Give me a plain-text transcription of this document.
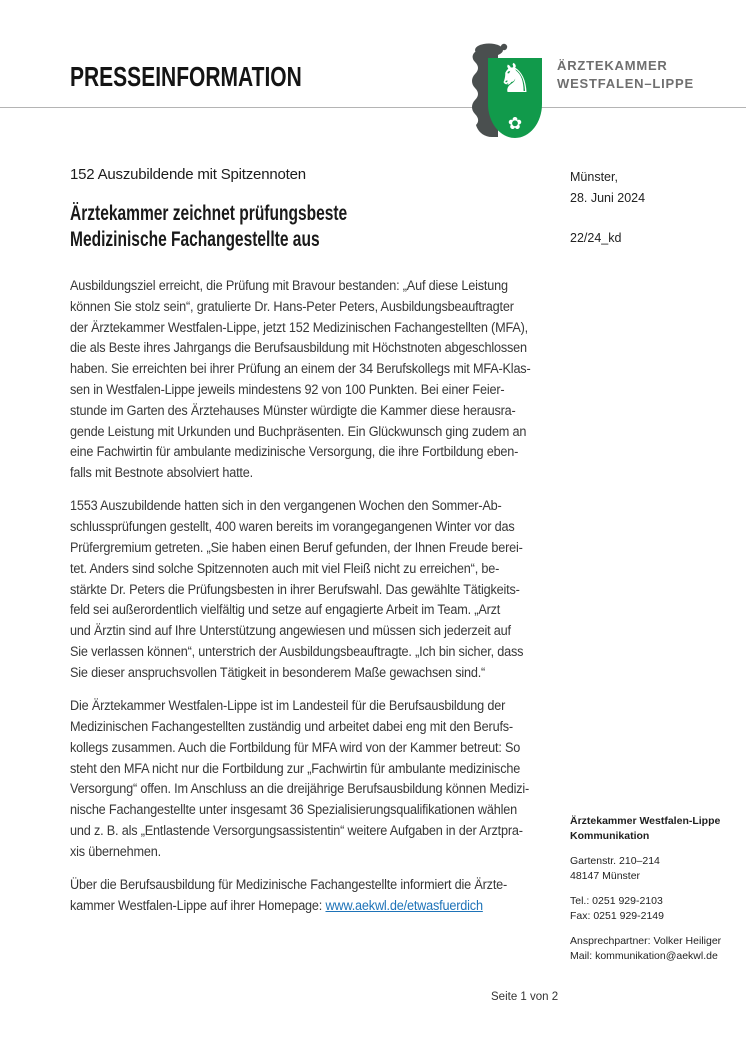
PRESSEINFORMATION	♞
✿
ÄRZTEKAMMER
WESTFALEN–LIPPE
152 Auszubildende mit Spitzennoten
Ärztekammer zeichnet prüfungsbeste
Medizinische Fachangestellte aus
Münster,
28. Juni 2024
22/24_kd
Ausbildungsziel erreicht, die Prüfung mit Bravour bestanden: „Auf diese Leistung
können Sie stolz sein“, gratulierte Dr. Hans-Peter Peters, Ausbildungsbeauftragter
der Ärztekammer Westfalen-Lippe, jetzt 152 Medizinischen Fachangestellten (MFA),
die als Beste ihres Jahrgangs die Berufsausbildung mit Höchstnoten abgeschlossen
haben. Sie erreichten bei ihrer Prüfung an einem der 34 Berufskollegs mit MFA-Klas-
sen in Westfalen-Lippe jeweils mindestens 92 von 100 Punkten. Bei einer Feier-
stunde im Garten des Ärztehauses Münster würdigte die Kammer diese herausra-
gende Leistung mit Urkunden und Buchpräsenten. Ein Glückwunsch ging zudem an
eine Fachwirtin für ambulante medizinische Versorgung, die ihre Fortbildung eben-
falls mit Bestnote absolviert hatte.
1553 Auszubildende hatten sich in den vergangenen Wochen den Sommer-Ab-
schlussprüfungen gestellt, 400 waren bereits im vorangegangenen Winter vor das
Prüfergremium getreten. „Sie haben einen Beruf gefunden, der Ihnen Freude berei-
tet. Anders sind solche Spitzennoten auch mit viel Fleiß nicht zu erreichen“, be-
stärkte Dr. Peters die Prüfungsbesten in ihrer Berufswahl. Das gewählte Tätigkeits-
feld sei außerordentlich vielfältig und setze auf engagierte Arbeit im Team. „Arzt
und Ärztin sind auf Ihre Unterstützung angewiesen und müssen sich jederzeit auf
Sie verlassen können“, unterstrich der Ausbildungsbeauftragte. „Ich bin sicher, dass
Sie dieser anspruchsvollen Tätigkeit in besonderem Maße gewachsen sind.“
Die Ärztekammer Westfalen-Lippe ist im Landesteil für die Berufsausbildung der
Medizinischen Fachangestellten zuständig und arbeitet dabei eng mit den Berufs-
kollegs zusammen. Auch die Fortbildung für MFA wird von der Kammer betreut: So
steht den MFA nicht nur die Fortbildung zur „Fachwirtin für ambulante medizinische
Versorgung“ offen. Im Anschluss an die dreijährige Berufsausbildung können Medizi-
nische Fachangestellte unter insgesamt 36 Spezialisierungsqualifikationen wählen
und z. B. als „Entlastende Versorgungsassistentin“ weitere Aufgaben in der Arztpra-
xis übernehmen.
Über die Berufsausbildung für Medizinische Fachangestellte informiert die Ärzte-
kammer Westfalen-Lippe auf ihrer Homepage: www.aekwl.de/etwasfuerdich
Ärztekammer Westfalen-Lippe
Kommunikation
Gartenstr. 210–214
48147 Münster
Tel.: 0251 929-2103
Fax: 0251 929-2149
Ansprechpartner: Volker Heiliger
Mail: kommunikation@aekwl.de
Seite 1 von 2
